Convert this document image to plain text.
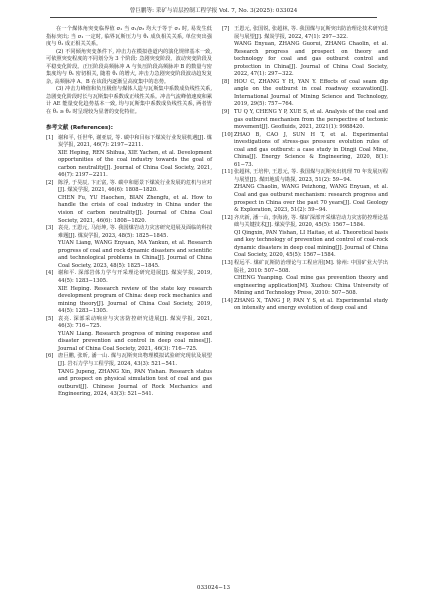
曾巨鹏等: 采矿与岩层控制工程学报 Vol. 7, No. 3(2025): 033024

在一个煤体角突变临界值 σ₁ 当 σ₁/σ₃ 均大于等于 σ₁ 时, 易发生低指标突出; 当 σ₁ 一定时, 临界瓦斯压力与 θ₁ 成负相关关系, 单位突出强度与 θ₁ 成正相关关系。

(2) 不同倾角突变条件下, 冲击力在模拟巷道内的演化规律基本一致, 可依照突变程度的不同划分为 3 个阶段: 急剧突变阶段、波动突变阶段及平稳变化阶段。正压阶段高频脉冲 A 与负压阶段高频脉冲 B 的数量与密集度均与 θ₁ 密切相关, 随着 θ₁ 的增大, 冲击力急剧突变阶段波动趋发复杂, 高频脉冲 A、B 在该段内逐渐呈高度集中的态势。

(3) 冲击力峰值和负压极值与煤体人造与瓦斯集中系数成负线性关系, 急剧变化阶段时长与瓦斯集中系数成正线性关系。冲击气流峰值速度和累计 AE 能量变化趋势基本一致, 均与瓦斯集中系数成负线性关系, 两者皆在 θ₁ ≥ θ₂ 时呈现较为显著的变化特征。

参考文献 (References):

[1] 谢和平, 任世华, 谢亚辰, 等. 碳中和目标下煤炭行业发展机遇[J]. 煤炭学报, 2021, 46(7): 2197−2211.
XIE Heping, REN Shihua, XIE Yachen, et al. Development opportunities of the coal industry towards the goal of carbon neutrality[J]. Journal of China Coal Society, 2021, 46(7): 2197−2211.

[2] 陈浮, 于昊辰, 卞正富, 等. 碳中和愿景下煤炭行业发展的危机与应对[J]. 煤炭学报, 2021, 46(6): 1808−1820.
CHEN Fu, YU Haochen, BIAN Zhengfu, et al. How to handle the crisis of coal industry in China under the vision of carbon neutrality[J]. Journal of China Coal Society, 2021, 46(6): 1808−1820.

[3] 袁亮, 王恩元, 马衍坤, 等. 我国煤岩动力灾害研究进展及面临的科技难题[J]. 煤炭学报, 2023, 48(5): 1825−1845.
YUAN Liang, WANG Enyuan, MA Yankun, et al. Research progress of coal and rock dynamic disasters and scientific and technological problems in China[J]. Journal of China Coal Society, 2023, 48(5): 1825−1845.

[4] 谢和平. 深部岩体力学与开采理论研究进展[J]. 煤炭学报, 2019, 44(5): 1283−1305.
XIE Heping. Research review of the state key research development program of China: deep rock mechanics and mining theory[J]. Journal of China Coal Society, 2019, 44(5): 1283−1305.

[5] 袁亮. 深部采动响应与灾害防控研究进展[J]. 煤炭学报, 2021, 46(3): 716−725.
YUAN Liang. Research progress of mining response and disaster prevention and control in deep coal mines[J]. Journal of China Coal Society, 2021, 46(3): 716−725.

[6] 唐巨鹏, 张昕, 潘一山. 煤与瓦斯突出物理模拟试验研究现状及展望[J]. 岩石力学与工程学报, 2024, 43(3): 521−541.
TANG Jupeng, ZHANG Xin, PAN Yishan. Research status and prospect on physical simulation test of coal and gas outburst[J]. Chinese Journal of Rock Mechanics and Engineering, 2024, 43(3): 521−541.

[7] 王恩元, 张国锐, 张超林, 等. 我国煤与瓦斯突出防治理论技术研究进展与展望[J]. 煤炭学报, 2022, 47(1): 297−322.
WANG Enyuan, ZHANG Guorui, ZHANG Chaolin, et al. Research progress and prospect on theory and technology for coal and gas outburst control and protection in China[J]. Journal of China Coal Society, 2022, 47(1): 297−322.

[8] HOU C, ZHANG Y H, YAN Y. Effects of coal seam dip angle on the outburst in coal roadway excavation[J]. International Journal of Mining Science and Technology, 2019, 29(5): 757−764.

[9] TU Q Y, CHENG Y P, XUE S, et al. Analysis of the coal and gas outburst mechanism from the perspective of tectonic movement[J]. Geofluids, 2021, 2021(1): 9988420.

[10] ZHAO B, CAO J, SUN H T, et al. Experimental investigations of stress-gas pressure evolution rules of coal and gas outburst: a case study in Dingji Coal Mine, China[J]. Energy Science & Engineering, 2020, 8(1): 61−73.

[11] 张超林, 王培仲, 王恩元, 等. 我国煤与瓦斯突出机理 70 年发展历程与展望[J]. 煤田地质与勘探, 2023, 51(2): 59−94.
ZHANG Chaolin, WANG Peizhong, WANG Enyuan, et al. Coal and gas outburst mechanism: research progress and prospect in China over the past 70 years[J]. Coal Geology & Exploration, 2023, 51(2): 59−94.

[12] 齐庆新, 潘一山, 李海涛, 等. 煤矿深部开采煤岩动力灾害防控理论基础与关键技术[J]. 煤炭学报, 2020, 45(5): 1567−1584.
QI Qingxin, PAN Yishan, LI Haitao, et al. Theoretical basis and key technology of prevention and control of coal-rock dynamic disasters in deep coal mining[J]. Journal of China Coal Society, 2020, 45(5): 1567−1584.

[13] 程远平. 煤矿瓦斯防治理论与工程应用[M]. 徐州: 中国矿业大学出版社, 2010: 507−508.
CHENG Yuanping. Coal mine gas prevention theory and engineering application[M]. Xuzhou: China University of Mining and Technology Press, 2010: 507−508.

[14] ZHANG X, TANG J P, PAN Y S, et al. Experimental study on intensity and energy evolution of deep coal and

033024−13
